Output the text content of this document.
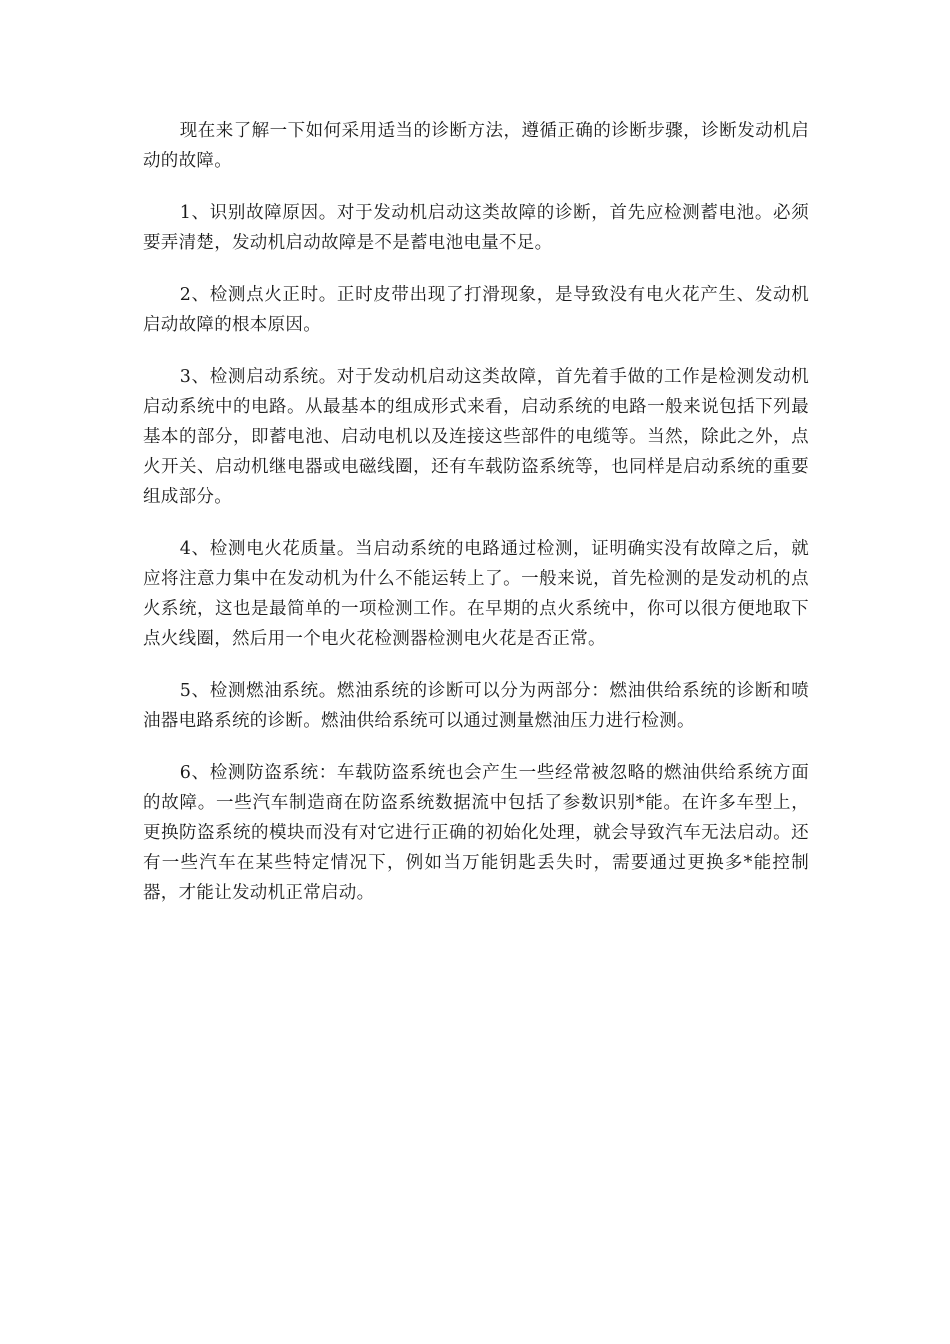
现在来了解一下如何采用适当的诊断方法，遵循正确的诊断步骤，诊断发动机启动的故障。

1、识别故障原因。对于发动机启动这类故障的诊断，首先应检测蓄电池。必须要弄清楚，发动机启动故障是不是蓄电池电量不足。

2、检测点火正时。正时皮带出现了打滑现象，是导致没有电火花产生、发动机启动故障的根本原因。

3、检测启动系统。对于发动机启动这类故障，首先着手做的工作是检测发动机启动系统中的电路。从最基本的组成形式来看，启动系统的电路一般来说包括下列最基本的部分，即蓄电池、启动电机以及连接这些部件的电缆等。当然，除此之外，点火开关、启动机继电器或电磁线圈，还有车载防盗系统等，也同样是启动系统的重要组成部分。

4、检测电火花质量。当启动系统的电路通过检测，证明确实没有故障之后，就应将注意力集中在发动机为什么不能运转上了。一般来说，首先检测的是发动机的点火系统，这也是最简单的一项检测工作。在早期的点火系统中，你可以很方便地取下点火线圈，然后用一个电火花检测器检测电火花是否正常。

5、检测燃油系统。燃油系统的诊断可以分为两部分：燃油供给系统的诊断和喷油器电路系统的诊断。燃油供给系统可以通过测量燃油压力进行检测。

6、检测防盗系统：车载防盗系统也会产生一些经常被忽略的燃油供给系统方面的故障。一些汽车制造商在防盗系统数据流中包括了参数识别*能。在许多车型上，更换防盗系统的模块而没有对它进行正确的初始化处理，就会导致汽车无法启动。还有一些汽车在某些特定情况下，例如当万能钥匙丢失时，需要通过更换多*能控制器，才能让发动机正常启动。
